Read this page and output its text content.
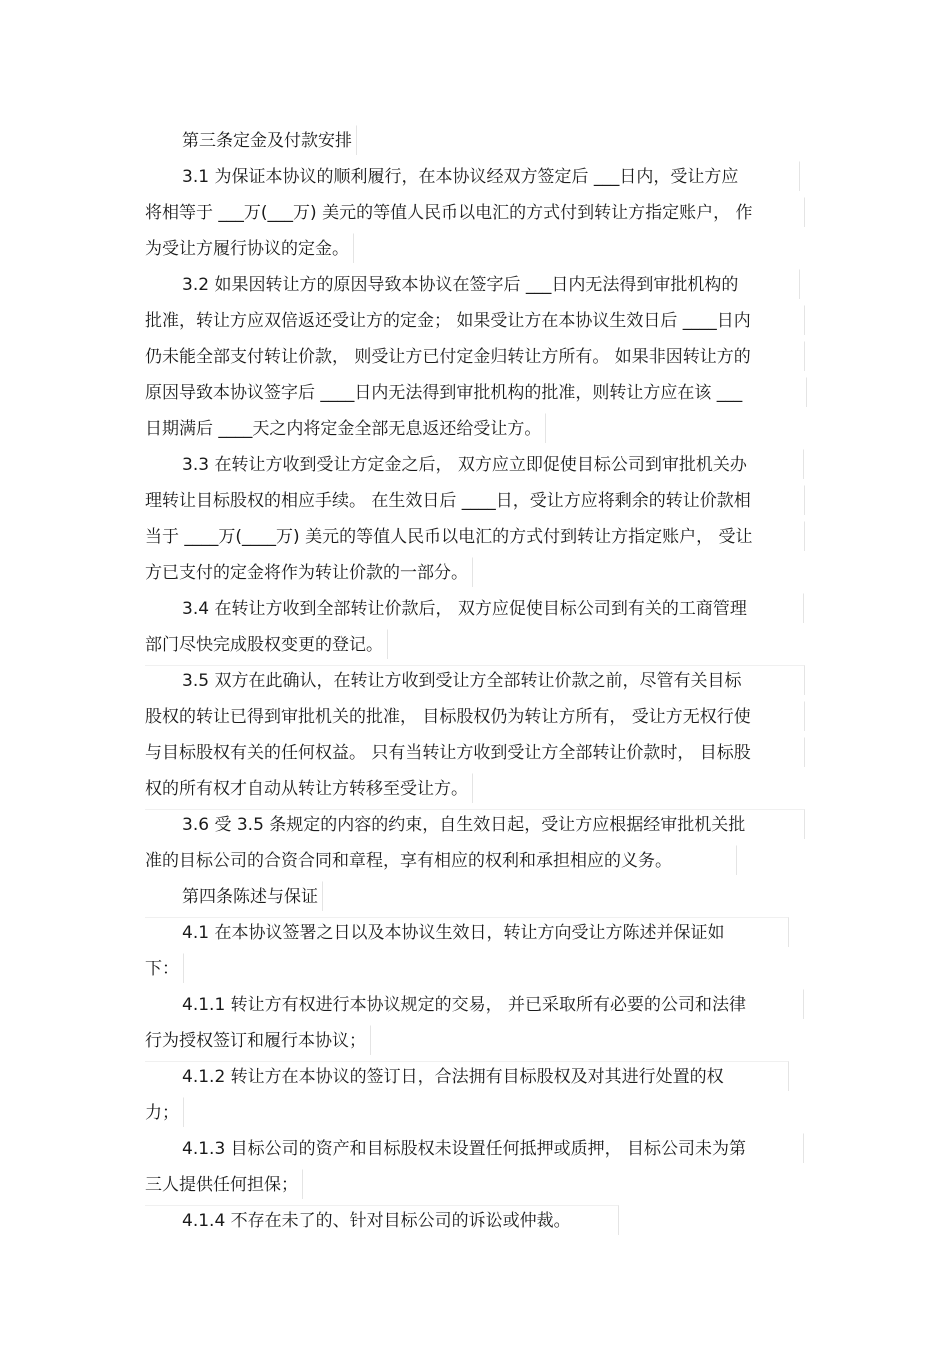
第三条定金及付款安排
3.1 为保证本协议的顺利履行，在本协议经双方签定后 ___日内，受让方应
将相等于 ___万(___万) 美元的等值人民币以电汇的方式付到转让方指定账户， 作
为受让方履行协议的定金。
3.2 如果因转让方的原因导致本协议在签字后 ___日内无法得到审批机构的
批准，转让方应双倍返还受让方的定金； 如果受让方在本协议生效日后 ____日内
仍未能全部支付转让价款， 则受让方已付定金归转让方所有。 如果非因转让方的
原因导致本协议签字后 ____日内无法得到审批机构的批准，则转让方应在该 ___
日期满后 ____天之内将定金全部无息返还给受让方。
3.3 在转让方收到受让方定金之后， 双方应立即促使目标公司到审批机关办
理转让目标股权的相应手续。 在生效日后 ____日，受让方应将剩余的转让价款相
当于 ____万(____万) 美元的等值人民币以电汇的方式付到转让方指定账户， 受让
方已支付的定金将作为转让价款的一部分。
3.4 在转让方收到全部转让价款后， 双方应促使目标公司到有关的工商管理
部门尽快完成股权变更的登记。
3.5 双方在此确认，在转让方收到受让方全部转让价款之前，尽管有关目标
股权的转让已得到审批机关的批准， 目标股权仍为转让方所有， 受让方无权行使
与目标股权有关的任何权益。 只有当转让方收到受让方全部转让价款时， 目标股
权的所有权才自动从转让方转移至受让方。
3.6 受 3.5 条规定的内容的约束，自生效日起，受让方应根据经审批机关批
准的目标公司的合资合同和章程，享有相应的权利和承担相应的义务。
第四条陈述与保证
4.1 在本协议签署之日以及本协议生效日，转让方向受让方陈述并保证如
下：
4.1.1 转让方有权进行本协议规定的交易， 并已采取所有必要的公司和法律
行为授权签订和履行本协议；
4.1.2 转让方在本协议的签订日，合法拥有目标股权及对其进行处置的权
力；
4.1.3 目标公司的资产和目标股权未设置任何抵押或质押， 目标公司未为第
三人提供任何担保；
4.1.4 不存在未了的、针对目标公司的诉讼或仲裁。
